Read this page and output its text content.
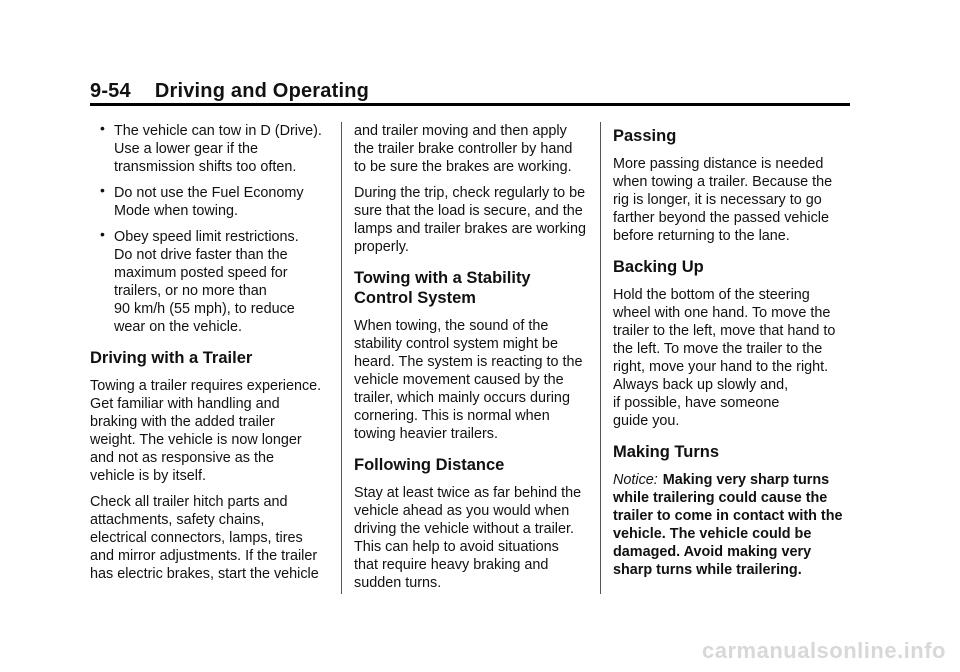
9-54 Driving and Operating
• The vehicle can tow in D (Drive).
Use a lower gear if the
transmission shifts too often.
• Do not use the Fuel Economy
Mode when towing.
• Obey speed limit restrictions.
Do not drive faster than the
maximum posted speed for
trailers, or no more than
90 km/h (55 mph), to reduce
wear on the vehicle.
Driving with a Trailer

Towing a trailer requires experience.
Get familiar with handling and
braking with the added trailer
weight. The vehicle is now longer
and not as responsive as the
vehicle is by itself.

Check all trailer hitch parts and
attachments, safety chains,
electrical connectors, lamps, tires
and mirror adjustments. If the trailer
has electric brakes, start the vehicle

and trailer moving and then apply
the trailer brake controller by hand
to be sure the brakes are working.

During the trip, check regularly to be
sure that the load is secure, and the
lamps and trailer brakes are working
properly.

Towing with a Stability
Control System

When towing, the sound of the
stability control system might be
heard. The system is reacting to the
vehicle movement caused by the
trailer, which mainly occurs during
cornering. This is normal when
towing heavier trailers.

Following Distance

Stay at least twice as far behind the
vehicle ahead as you would when
driving the vehicle without a trailer.
This can help to avoid situations
that require heavy braking and
sudden turns.

Passing

More passing distance is needed
when towing a trailer. Because the
rig is longer, it is necessary to go
farther beyond the passed vehicle
before returning to the lane.

Backing Up

Hold the bottom of the steering
wheel with one hand. To move the
trailer to the left, move that hand to
the left. To move the trailer to the
right, move your hand to the right.
Always back up slowly and,
if possible, have someone
guide you.

Making Turns

Notice: Making very sharp turns
while trailering could cause the
trailer to come in contact with the
vehicle. The vehicle could be
damaged. Avoid making very
sharp turns while trailering.

carmanualsonline.info
